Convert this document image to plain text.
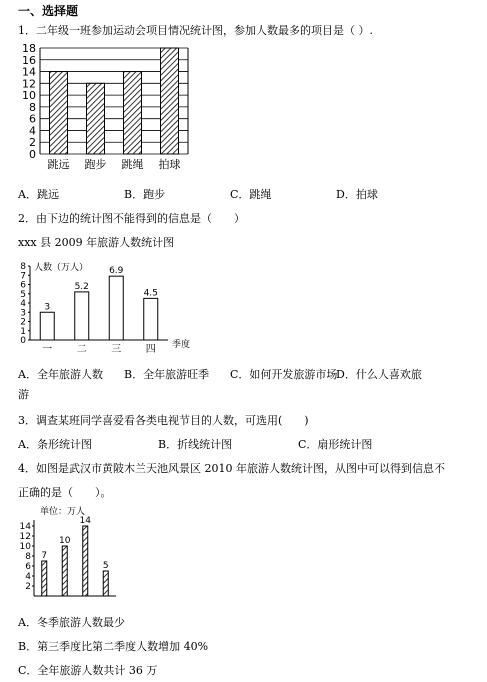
一、选择题
1．二年级一班参加运动会项目情况统计图，参加人数最多的项目是（ ）.
0
2
4
6
8
10
12
14
16
18
跳远 跑步 跳绳 拍球
A．跳远	B．跑步	C．跳绳	D．拍球
2．由下边的统计图不能得到的信息是（　　）
xxx 县 2009 年旅游人数统计图
0
1
2
3
4
5
6
7
8 人数（万人）
季度
3
一
5.2
二
6.9
三
4.5
四
A．全年旅游人数 B．全年旅游旺季 C．如何开发旅游市场
D．什么人喜欢旅
游
3．调查某班同学喜爱看各类电视节目的人数，可选用(　　)
A．条形统计图	B．折线统计图	C．扇形统计图
4．如图是武汉市黄陂木兰天池风景区 2010 年旅游人数统计图，从图中可以得到信息不
正确的是（　　）。
2
4
6
8
10
12
14
单位：万人
7
10
14
5
A．冬季旅游人数最少
B．第三季度比第二季度人数增加 40%
C．全年旅游人数共计 36 万
